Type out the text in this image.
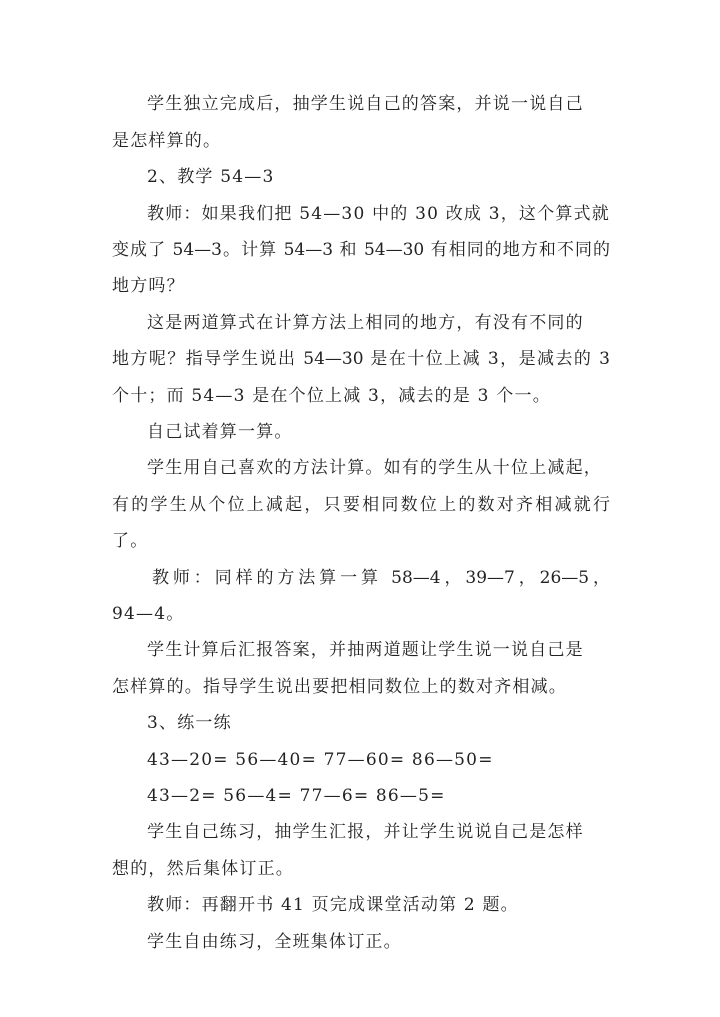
学生独立完成后，抽学生说自己的答案，并说一说自己
是怎样算的。
2、教学 54—3
教师：如果我们把 54—30 中的 30 改成 3，这个算式就
变成了 54—3。计算 54—3 和 54—30 有相同的地方和不同的
地方吗？
这是两道算式在计算方法上相同的地方，有没有不同的
地方呢？指导学生说出 54—30 是在十位上减 3，是减去的 3
个十；而 54—3 是在个位上减 3，减去的是 3 个一。
自己试着算一算。
学生用自己喜欢的方法计算。如有的学生从十位上减起，
有的学生从个位上减起，只要相同数位上的数对齐相减就行
了。
教师：同样的方法算一算 58—4，39—7，26—5，
94—4。
学生计算后汇报答案，并抽两道题让学生说一说自己是
怎样算的。指导学生说出要把相同数位上的数对齐相减。
3、练一练
43—20= 56—40= 77—60= 86—50=
43—2= 56—4= 77—6= 86—5=
学生自己练习，抽学生汇报，并让学生说说自己是怎样
想的，然后集体订正。
教师：再翻开书 41 页完成课堂活动第 2 题。
学生自由练习，全班集体订正。
